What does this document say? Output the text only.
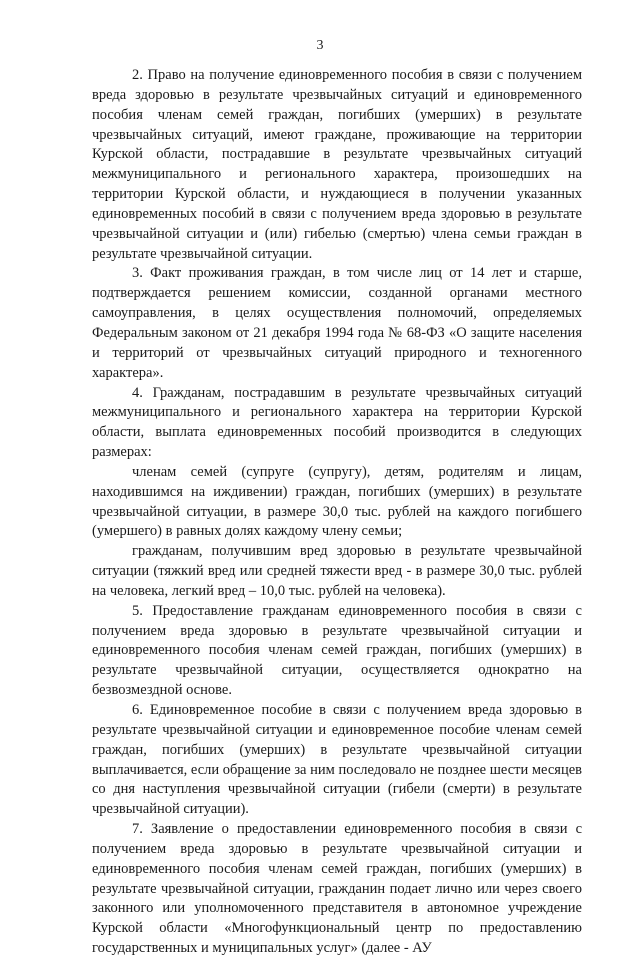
3

2. Право на получение единовременного пособия в связи с получением вреда здоровью в результате чрезвычайных ситуаций и единовременного пособия членам семей граждан, погибших (умерших) в результате чрезвычайных ситуаций, имеют граждане, проживающие на территории Курской области, пострадавшие в результате чрезвычайных ситуаций межмуниципального и регионального характера, произошедших на территории Курской области, и нуждающиеся в получении указанных единовременных пособий в связи с получением вреда здоровью в результате чрезвычайной ситуации и (или) гибелью (смертью) члена семьи граждан в результате чрезвычайной ситуации.

3. Факт проживания граждан, в том числе лиц от 14 лет и старше, подтверждается решением комиссии, созданной органами местного самоуправления, в целях осуществления полномочий, определяемых Федеральным законом от 21 декабря 1994 года № 68-ФЗ «О защите населения и территорий от чрезвычайных ситуаций природного и техногенного характера».

4. Гражданам, пострадавшим в результате чрезвычайных ситуаций межмуниципального и регионального характера на территории Курской области, выплата единовременных пособий производится в следующих размерах:

членам семей (супруге (супругу), детям, родителям и лицам, находившимся на иждивении) граждан, погибших (умерших) в результате чрезвычайной ситуации, в размере 30,0 тыс. рублей на каждого погибшего (умершего) в равных долях каждому члену семьи;

гражданам, получившим вред здоровью в результате чрезвычайной ситуации (тяжкий вред или средней тяжести вред - в размере 30,0 тыс. рублей на человека, легкий вред – 10,0 тыс. рублей на человека).

5. Предоставление гражданам единовременного пособия в связи с получением вреда здоровью в результате чрезвычайной ситуации и единовременного пособия членам семей граждан, погибших (умерших) в результате чрезвычайной ситуации, осуществляется однократно на безвозмездной основе.

6. Единовременное пособие в связи с получением вреда здоровью в результате чрезвычайной ситуации и единовременное пособие членам семей граждан, погибших (умерших) в результате чрезвычайной ситуации выплачивается, если обращение за ним последовало не позднее шести месяцев со дня наступления чрезвычайной ситуации (гибели (смерти) в результате чрезвычайной ситуации).

7. Заявление о предоставлении единовременного пособия в связи с получением вреда здоровью в результате чрезвычайной ситуации и единовременного пособия членам семей граждан, погибших (умерших) в результате чрезвычайной ситуации, гражданин подает лично или через своего законного или уполномоченного представителя в автономное учреждение Курской области «Многофункциональный центр по предоставлению государственных и муниципальных услуг» (далее - АУ
